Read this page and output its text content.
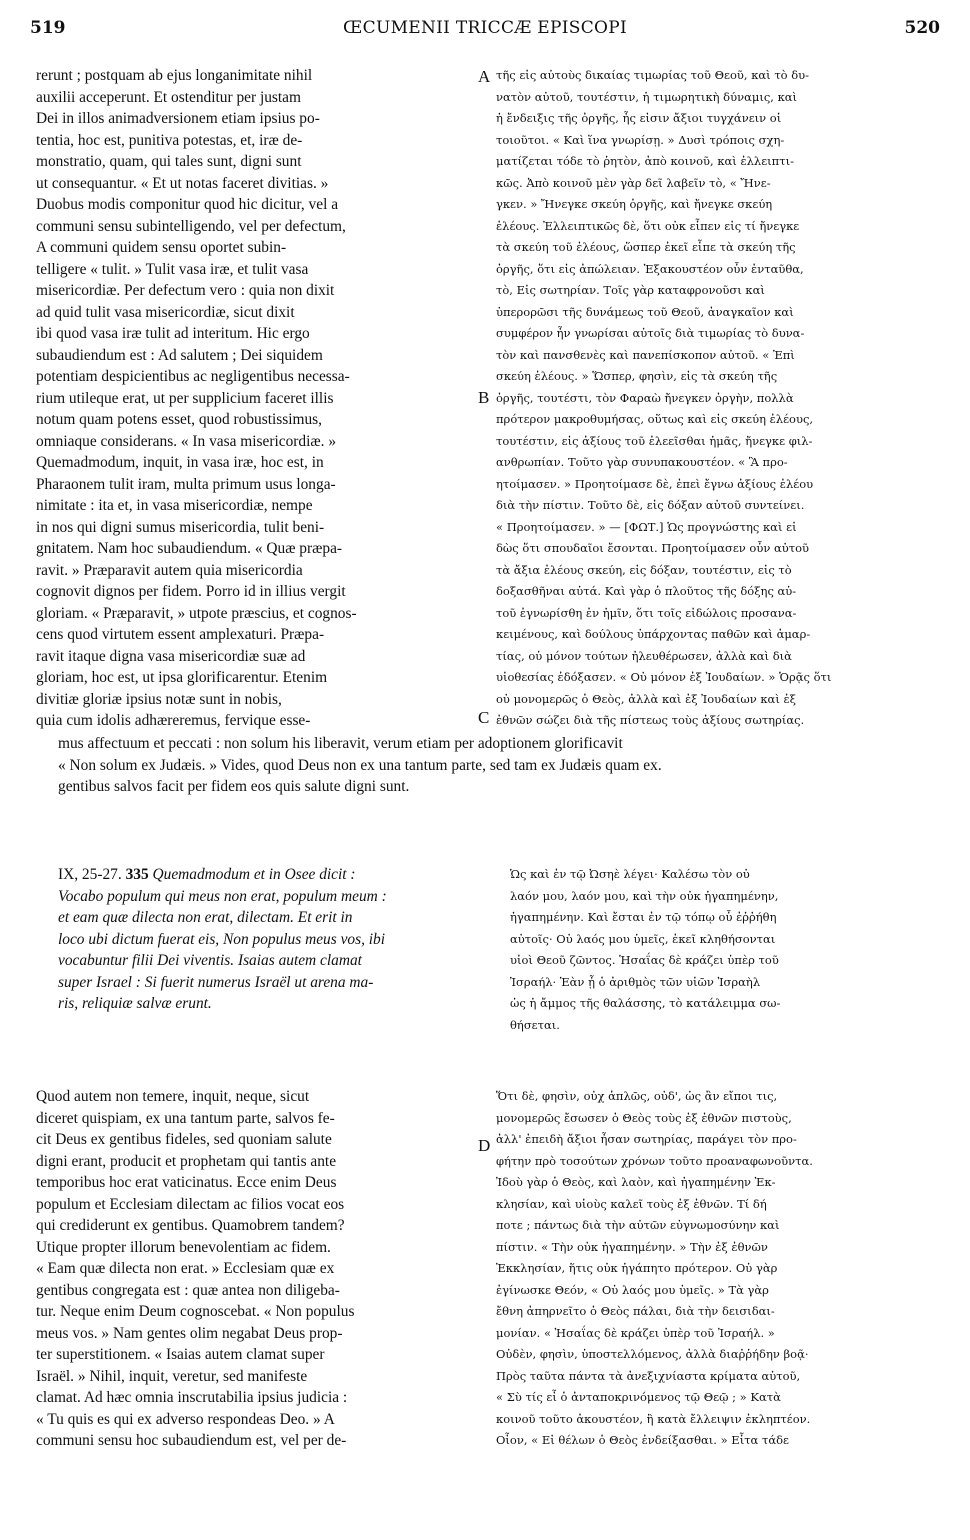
519	ŒCUMENII TRICCÆ EPISCOPI	520
rerunt ; postquam ab ejus longanimitate nihil
auxilii acceperunt. Et ostenditur per justam
Dei in illos animadversionem etiam ipsius po-
tentia, hoc est, punitiva potestas, et, iræ de-
monstratio, quam, qui tales sunt, digni sunt
ut consequantur. « Et ut notas faceret divitias. »
Duobus modis componitur quod hic dicitur, vel a
communi sensu subintelligendo, vel per defectum,
A communi quidem sensu oportet subin-
telligere « tulit. » Tulit vasa iræ, et tulit vasa
misericordiæ. Per defectum vero : quia non dixit
ad quid tulit vasa misericordiæ, sicut dixit
ibi quod vasa iræ tulit ad interitum. Hic ergo
subaudiendum est : Ad salutem ; Dei siquidem
potentiam despicientibus ac negligentibus necessa-
rium utileque erat, ut per supplicium faceret illis
notum quam potens esset, quod robustissimus,
omniaque considerans. « In vasa misericordiæ. »
Quemadmodum, inquit, in vasa iræ, hoc est, in
Pharaonem tulit iram, multa primum usus longa-
nimitate : ita et, in vasa misericordiæ, nempe
in nos qui digni sumus misericordia, tulit beni-
gnitatem. Nam hoc subaudiendum. « Quæ præpa-
ravit. » Præparavit autem quia misericordia
cognovit dignos per fidem. Porro id in illius vergit
gloriam. « Præparavit, » utpote præscius, et cognos-
cens quod virtutem essent amplexaturi. Præpa-
ravit itaque digna vasa misericordiæ suæ ad
gloriam, hoc est, ut ipsa glorificarentur. Etenim
divitiæ gloriæ ipsius notæ sunt in nobis,
quia cum idolis adhæreremus, fervique esse-
τῆς εἰς αὐτοὺς δικαίας τιμωρίας τοῦ Θεοῦ, καὶ τὸ δυ-
νατὸν αὐτοῦ, τουτέστιν, ἡ τιμωρητικὴ δύναμις, καὶ
ἡ ἔνδειξις τῆς ὀργῆς, ἧς εἰσιν ἄξιοι τυγχάνειν οἱ
τοιοῦτοι. « Καὶ ἵνα γνωρίσῃ. » Δυσὶ τρόποις σχη-
ματίζεται τόδε τὸ ῥητὸν, ἀπὸ κοινοῦ, καὶ ἐλλειπτι-
κῶς. Ἀπὸ κοινοῦ μὲν γὰρ δεῖ λαβεῖν τὸ, « Ἤνε-
γκεν. » Ἤνεγκε σκεύη ὀργῆς, καὶ ἤνεγκε σκεύη
ἐλέους. Ἐλλειπτικῶς δὲ, ὅτι οὐκ εἶπεν εἰς τί ἤνεγκε
τὰ σκεύη τοῦ ἐλέους, ὥσπερ ἐκεῖ εἶπε τὰ σκεύη τῆς
ὀργῆς, ὅτι εἰς ἀπώλειαν. Ἐξακουστέον οὖν ἐνταῦθα,
τὸ, Εἰς σωτηρίαν. Τοῖς γὰρ καταφρονοῦσι καὶ
ὑπερορῶσι τῆς δυνάμεως τοῦ Θεοῦ, ἀναγκαῖον καὶ
συμφέρον ἦν γνωρίσαι αὐτοῖς διὰ τιμωρίας τὸ δυνα-
τὸν καὶ πανσθενὲς καὶ πανεπίσκοπον αὐτοῦ. « Ἐπὶ
σκεύη ἐλέους. » Ὥσπερ, φησὶν, εἰς τὰ σκεύη τῆς
ὀργῆς, τουτέστι, τὸν Φαραὼ ἤνεγκεν ὀργὴν, πολλὰ
πρότερον μακροθυμήσας, οὕτως καὶ εἰς σκεύη ἐλέους,
τουτέστιν, εἰς ἀξίους τοῦ ἐλεεῖσθαι ἡμᾶς, ἤνεγκε φιλ-
ανθρωπίαν. Τοῦτο γὰρ συνυπακουστέον. « Ἃ προ-
ητοίμασεν. » Προητοίμασε δὲ, ἐπεὶ ἔγνω ἀξίους ἐλέου
διὰ τὴν πίστιν. Τοῦτο δὲ, εἰς δόξαν αὐτοῦ συντείνει.
« Προητοίμασεν. » — [ΦΩΤ.] Ὡς προγνώστης καὶ εἰ
δὼς ὅτι σπουδαῖοι ἔσονται. Προητοίμασεν οὖν αὐτοῦ
τὰ ἄξια ἐλέους σκεύη, εἰς δόξαν, τουτέστιν, εἰς τὸ
δοξασθῆναι αὐτά. Καὶ γὰρ ὁ πλοῦτος τῆς δόξης αὐ-
τοῦ ἐγνωρίσθη ἐν ἡμῖν, ὅτι τοῖς εἰδώλοις προσανα-
κειμένους, καὶ δούλους ὑπάρχοντας παθῶν καὶ ἁμαρ-
τίας, οὐ μόνον τούτων ἠλευθέρωσεν, ἀλλὰ καὶ διὰ
υἱοθεσίας ἐδόξασεν. « Οὐ μόνον ἐξ Ἰουδαίων. » Ὁρᾷς ὅτι
οὐ μονομερῶς ὁ Θεὸς, ἀλλὰ καὶ ἐξ Ἰουδαίων καὶ ἐξ
ἐθνῶν σώζει διὰ τῆς πίστεως τοὺς ἀξίους σωτηρίας.
A
B
C
D
mus affectuum et peccati : non solum his liberavit, verum etiam per adoptionem glorificavit
« Non solum ex Judæis. » Vides, quod Deus non ex una tantum parte, sed tam ex Judæis quam ex.
gentibus salvos facit per fidem eos quis salute digni sunt.
IX, 25-27. 335 Quemadmodum et in Osee dicit :
Vocabo populum qui meus non erat, populum meum :
et eam quæ dilecta non erat, dilectam. Et erit in
loco ubi dictum fuerat eis, Non populus meus vos, ibi
vocabuntur filii Dei viventis. Isaias autem clamat
super Israel : Si fuerit numerus Israël ut arena ma-
ris, reliquiæ salvæ erunt.
Ὡς καὶ ἐν τῷ Ὠσηὲ λέγει· Καλέσω τὸν οὐ
λαόν μου, λαόν μου, καὶ τὴν οὐκ ἠγαπημένην,
ἠγαπημένην. Καὶ ἔσται ἐν τῷ τόπῳ οὗ ἐῤῥήθη
αὐτοῖς· Οὐ λαός μου ὑμεῖς, ἐκεῖ κληθήσονται
υἱοὶ Θεοῦ ζῶντος. Ἡσαΐας δὲ κράζει ὑπὲρ τοῦ
Ἰσραήλ· Ἐὰν ᾖ ὁ ἀριθμὸς τῶν υἱῶν Ἰσραὴλ
ὡς ἡ ἄμμος τῆς θαλάσσης, τὸ κατάλειμμα σω-
θήσεται.
Quod autem non temere, inquit, neque, sicut
diceret quispiam, ex una tantum parte, salvos fe-
cit Deus ex gentibus fideles, sed quoniam salute
digni erant, producit et prophetam qui tantis ante
temporibus hoc erat vaticinatus. Ecce enim Deus
populum et Ecclesiam dilectam ac filios vocat eos
qui crediderunt ex gentibus. Quamobrem tandem?
Utique propter illorum benevolentiam ac fidem.
« Eam quæ dilecta non erat. » Ecclesiam quæ ex
gentibus congregata est : quæ antea non diligeba-
tur. Neque enim Deum cognoscebat. « Non populus
meus vos. » Nam gentes olim negabat Deus prop-
ter superstitionem. « Isaias autem clamat super
Israël. » Nihil, inquit, veretur, sed manifeste
clamat. Ad hæc omnia inscrutabilia ipsius judicia :
« Tu quis es qui ex adverso respondeas Deo. » A
communi sensu hoc subaudiendum est, vel per de-
Ὅτι δὲ, φησὶν, οὐχ ἁπλῶς, οὐδ', ὡς ἂν εἴποι τις,
μονομερῶς ἔσωσεν ὁ Θεὸς τοὺς ἐξ ἐθνῶν πιστοὺς,
ἀλλ' ἐπειδὴ ἄξιοι ἦσαν σωτηρίας, παράγει τὸν προ-
φήτην πρὸ τοσούτων χρόνων τοῦτο προαναφωνοῦντα.
Ἰδοὺ γὰρ ὁ Θεὸς, καὶ λαὸν, καὶ ἠγαπημένην Ἐκ-
κλησίαν, καὶ υἱοὺς καλεῖ τοὺς ἐξ ἐθνῶν. Τί δή
ποτε ; πάντως διὰ τὴν αὐτῶν εὐγνωμοσύνην καὶ
πίστιν. « Τὴν οὐκ ἠγαπημένην. » Τὴν ἐξ ἐθνῶν
Ἐκκλησίαν, ἥτις οὐκ ἠγάπητο πρότερον. Οὐ γὰρ
ἐγίνωσκε Θεόν, « Οὐ λαός μου ὑμεῖς. » Τὰ γὰρ
ἔθνη ἀπηρνεῖτο ὁ Θεὸς πάλαι, διὰ τὴν δεισιδαι-
μονίαν. « Ἡσαΐας δὲ κράζει ὑπὲρ τοῦ Ἰσραήλ. »
Οὐδὲν, φησὶν, ὑποστελλόμενος, ἀλλὰ διαῤῥήδην βοᾷ·
Πρὸς ταῦτα πάντα τὰ ἀνεξιχνίαστα κρίματα αὐτοῦ,
« Σὺ τίς εἶ ὁ ἀνταποκρινόμενος τῷ Θεῷ ; » Κατὰ
κοινοῦ τοῦτο ἀκουστέον, ἢ κατὰ ἔλλειψιν ἐκληπτέον.
Οἷον, « Εἰ θέλων ὁ Θεὸς ἐνδείξασθαι. » Εἶτα τάδε
